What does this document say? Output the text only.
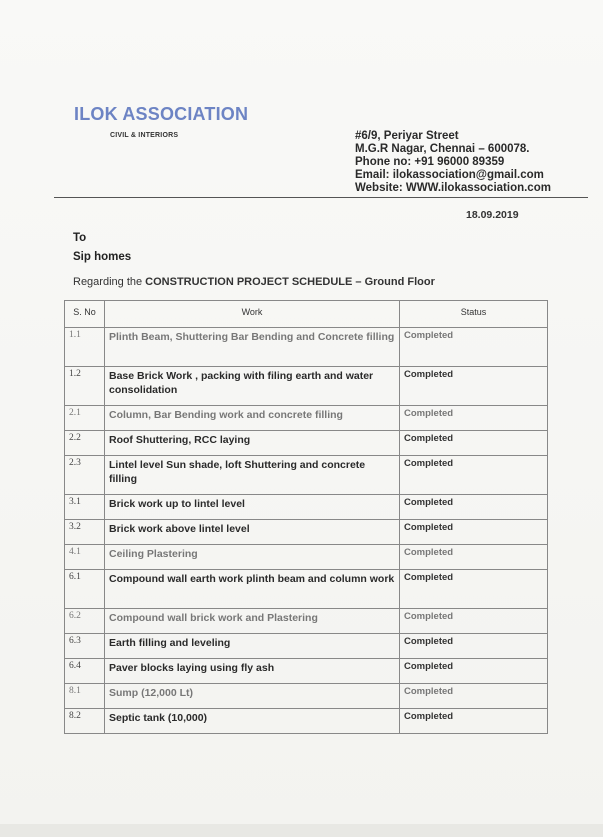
ILOK ASSOCIATION
CIVIL & INTERIORS	#6/9, Periyar Street
M.G.R Nagar, Chennai – 600078.
Phone no: +91 96000 89359
Email: ilokassociation@gmail.com
Website: WWW.ilokassociation.com
18.09.2019
To
Sip homes
Regarding the CONSTRUCTION PROJECT SCHEDULE – Ground Floor
S. No	Work	Status
1.1	Plinth Beam, Shuttering Bar Bending and Concrete filling	Completed
1.2	Base Brick Work , packing with filing earth and water consolidation	Completed
2.1	Column, Bar Bending work and concrete filling	Completed
2.2	Roof Shuttering, RCC laying	Completed
2.3	Lintel level Sun shade, loft Shuttering and concrete filling	Completed
3.1	Brick work up to lintel level	Completed
3.2	Brick work above lintel level	Completed
4.1	Ceiling Plastering	Completed
6.1	Compound wall earth work plinth beam and column work	Completed
6.2	Compound wall brick work and Plastering	Completed
6.3	Earth filling and leveling	Completed
6.4	Paver blocks laying using fly ash	Completed
8.1	Sump (12,000 Lt)	Completed
8.2	Septic tank (10,000)	Completed
